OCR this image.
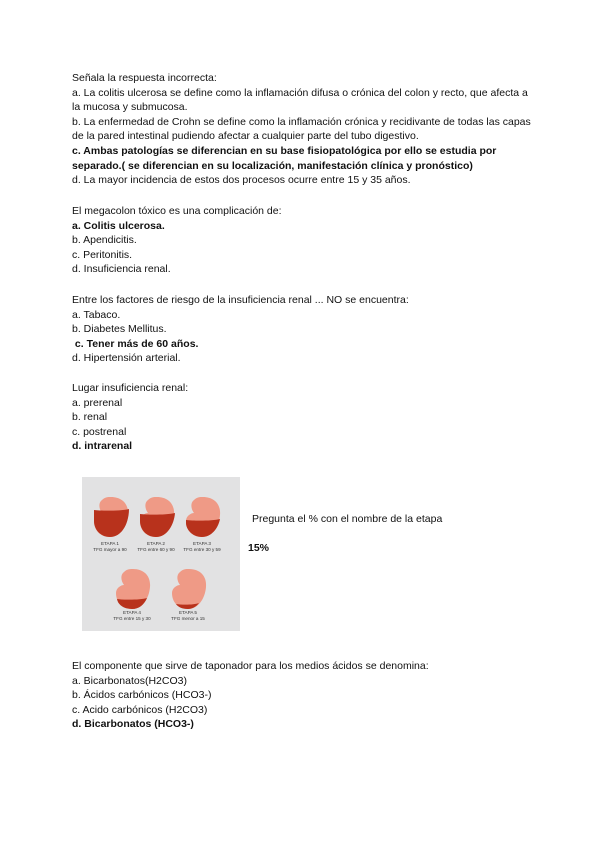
Señala la respuesta incorrecta:

a. La colitis ulcerosa se define como la inflamación difusa o crónica del colon y recto, que afecta a la mucosa y submucosa.

b. La enfermedad de Crohn se define como la inflamación crónica y recidivante de todas las capas de la pared intestinal pudiendo afectar a cualquier parte del tubo digestivo.

c. Ambas patologías se diferencian en su base fisiopatológica por ello se estudia por separado.( se diferencian en su localización, manifestación clínica y pronóstico)

d. La mayor incidencia de estos dos procesos ocurre entre 15 y 35 años.

El megacolon tóxico es una complicación de:

a. Colitis ulcerosa.

b. Apendicitis.

c. Peritonitis.

d. Insuficiencia renal.

Entre los factores de riesgo de la insuficiencia renal ... NO se encuentra:

a. Tabaco.

b. Diabetes Mellitus.

c. Tener más de 60 años.

d. Hipertensión arterial.

Lugar insuficiencia renal:

a. prerenal

b. renal

c. postrenal

d. intrarenal

ETAPA 1
TFG mayor a 90
ETAPA 2
TFG entre 60 y 90
ETAPA 3
TFG entre 30 y 59
ETAPA 4
TFG entre 15 y 30
ETAPA 5
TFG menor a 15
Pregunta el % con el nombre de la etapa
15%

El componente que sirve de taponador para los medios ácidos se denomina:

a. Bicarbonatos(H2CO3)

b. Ácidos carbónicos (HCO3-)

c. Acido carbónicos (H2CO3)

d. Bicarbonatos (HCO3-)
